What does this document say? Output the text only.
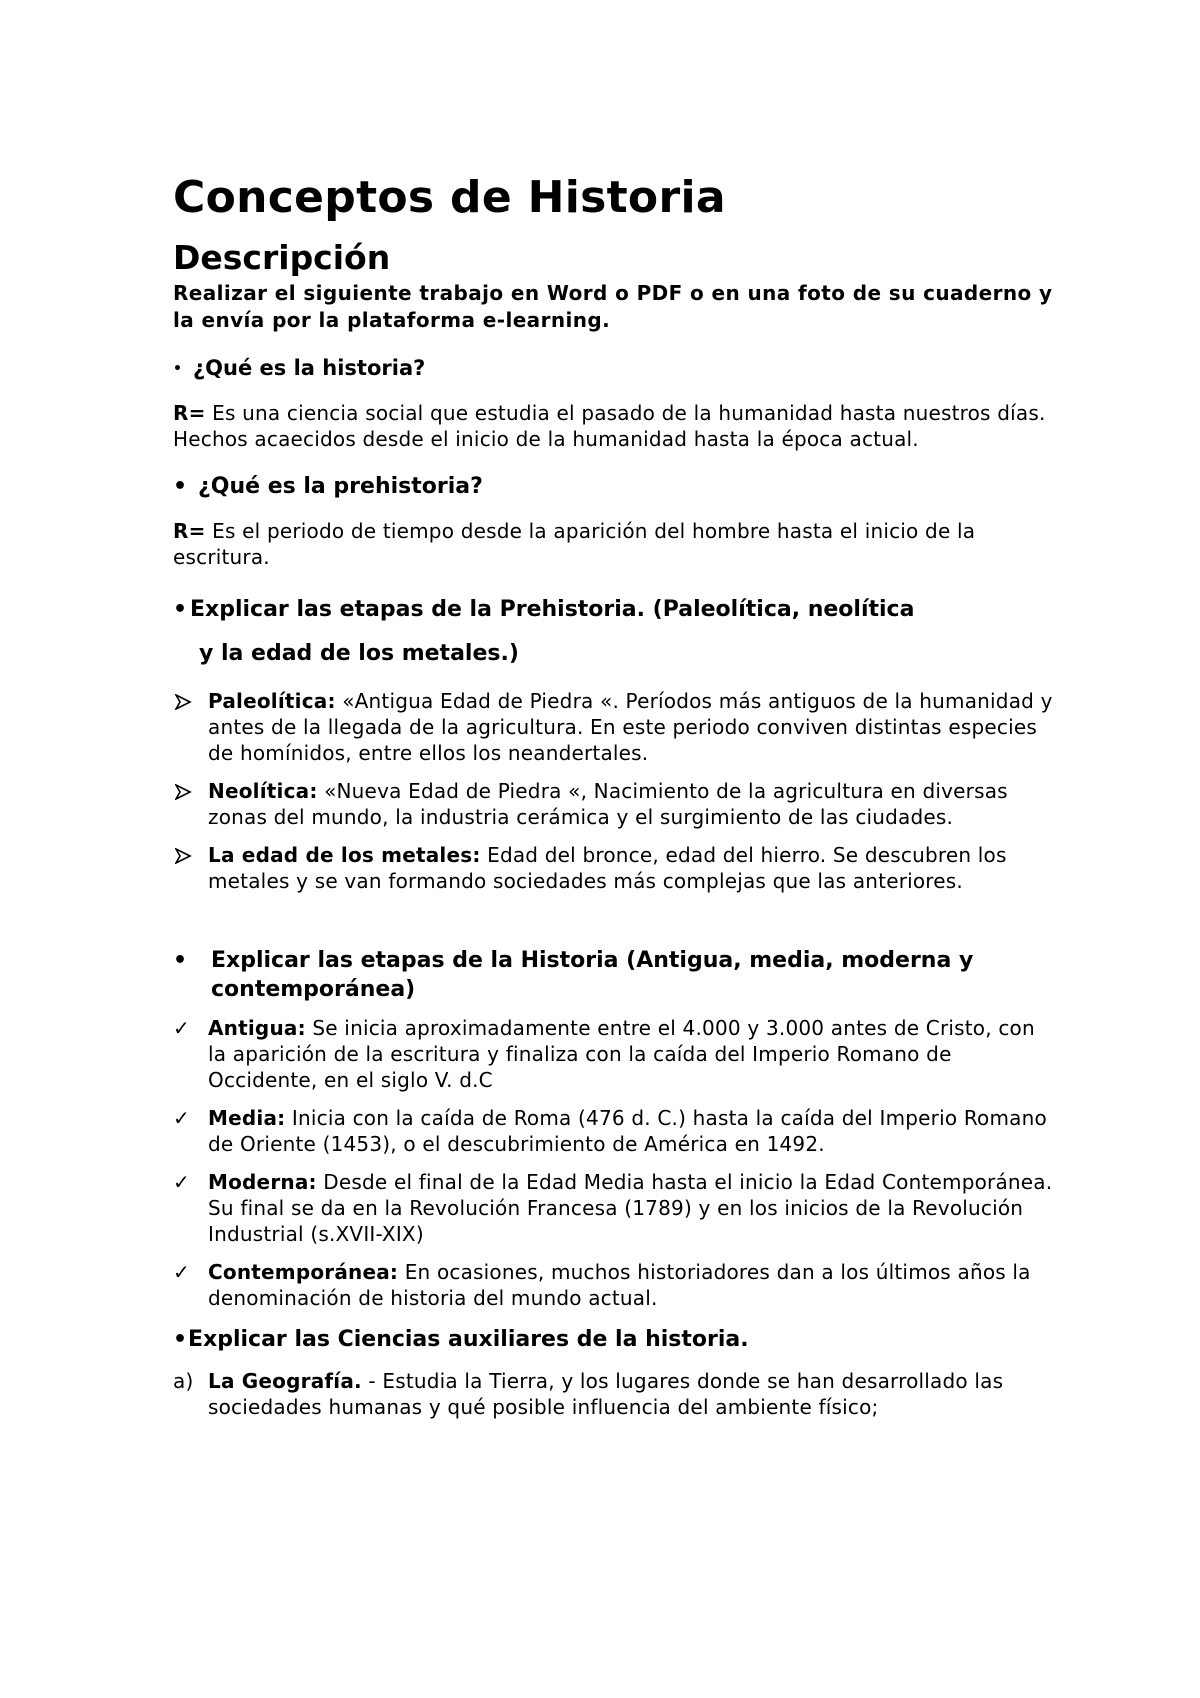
Conceptos de Historia
Descripción

Realizar el siguiente trabajo en Word o PDF o en una foto de su cuaderno y la envía por la plataforma e-learning.

• ¿Qué es la historia?

R= Es una ciencia social que estudia el pasado de la humanidad hasta nuestros días. Hechos acaecidos desde el inicio de la humanidad hasta la época actual.

• ¿Qué es la prehistoria?

R= Es el periodo de tiempo desde la aparición del hombre hasta el inicio de la escritura.

• Explicar las etapas de la Prehistoria. (Paleolítica, neolítica
y la edad de los metales.)

Paleolítica: «Antigua Edad de Piedra «. Períodos más antiguos de la humanidad y antes de la llegada de la agricultura. En este periodo conviven distintas especies de homínidos, entre ellos los neandertales.
Neolítica: «Nueva Edad de Piedra «, Nacimiento de la agricultura en diversas zonas del mundo, la industria cerámica y el surgimiento de las ciudades.
La edad de los metales: Edad del bronce, edad del hierro. Se descubren los metales y se van formando sociedades más complejas que las anteriores.

• Explicar las etapas de la Historia (Antigua, media, moderna y contemporánea)

✓ Antigua: Se inicia aproximadamente entre el 4.000 y 3.000 antes de Cristo, con la aparición de la escritura y finaliza con la caída del Imperio Romano de Occidente, en el siglo V. d.C
✓ Media: Inicia con la caída de Roma (476 d. C.) hasta la caída del Imperio Romano de Oriente (1453), o el descubrimiento de América en 1492.
✓ Moderna: Desde el final de la Edad Media hasta el inicio la Edad Contemporánea. Su final se da en la Revolución Francesa (1789) y en los inicios de la Revolución Industrial (s.XVII-XIX)
✓ Contemporánea: En ocasiones, muchos historiadores dan a los últimos años la denominación de historia del mundo actual.

•Explicar las Ciencias auxiliares de la historia.

a) La Geografía. - Estudia la Tierra, y los lugares donde se han desarrollado las sociedades humanas y qué posible influencia del ambiente físico;
